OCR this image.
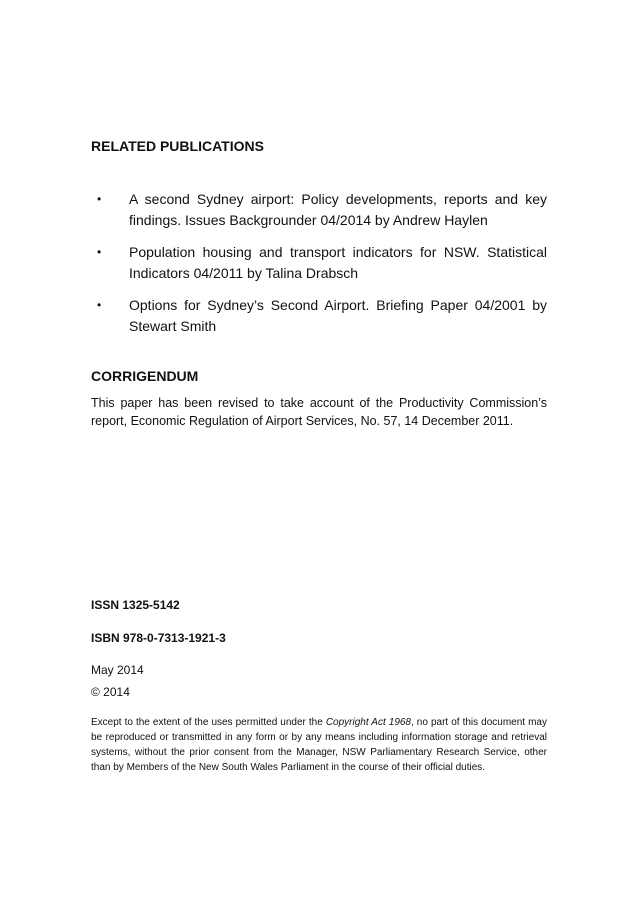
RELATED PUBLICATIONS
• A second Sydney airport: Policy developments, reports and key findings. Issues Backgrounder 04/2014 by Andrew Haylen
• Population housing and transport indicators for NSW. Statistical Indicators 04/2011 by Talina Drabsch
• Options for Sydney’s Second Airport. Briefing Paper 04/2001 by Stewart Smith
CORRIGENDUM

This paper has been revised to take account of the Productivity Commission’s report, Economic Regulation of Airport Services, No. 57, 14 December 2011.

ISSN 1325-5142

ISBN 978-0-7313-1921-3

May 2014

© 2014

Except to the extent of the uses permitted under the Copyright Act 1968, no part of this document may be reproduced or transmitted in any form or by any means including information storage and retrieval systems, without the prior consent from the Manager, NSW Parliamentary Research Service, other than by Members of the New South Wales Parliament in the course of their official duties.
